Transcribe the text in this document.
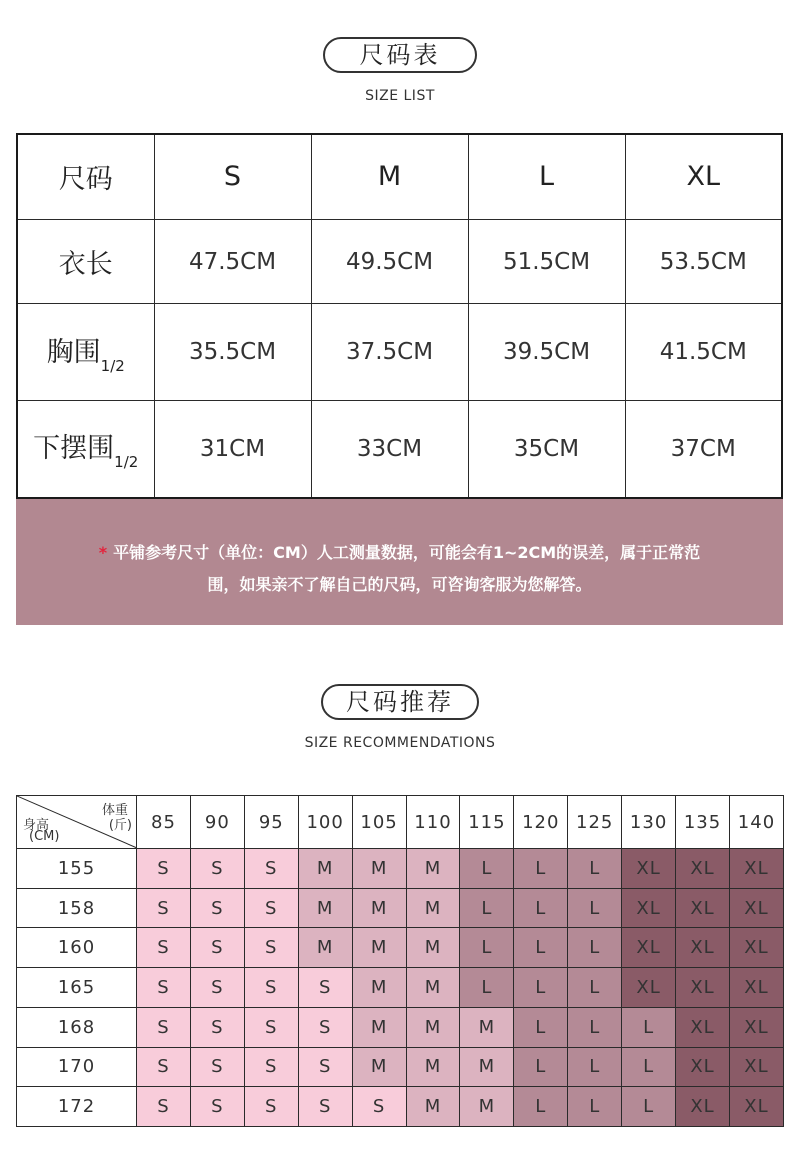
尺码表
SIZE LIST
尺码	S	M	L	XL
衣长	47.5CM	49.5CM	51.5CM	53.5CM
胸围$_{1/2}$	35.5CM	37.5CM	39.5CM	41.5CM
下摆围$_{1/2}$	31CM	33CM	35CM	37CM
* 平铺参考尺寸（单位：CM）人工测量数据，可能会有1~2CM的误差，属于正常范
围，如果亲不了解自己的尺码，可咨询客服为您解答。
尺码推荐
SIZE RECOMMENDATIONS
体重
身高 (斤)
(CM)	85	90	95	100	105	110	115	120	125	130	135	140
155	S	S	S	M	M	M	L	L	L	XL	XL	XL
158	S	S	S	M	M	M	L	L	L	XL	XL	XL
160	S	S	S	M	M	M	L	L	L	XL	XL	XL
165	S	S	S	S	M	M	L	L	L	XL	XL	XL
168	S	S	S	S	M	M	M	L	L	L	XL	XL
170	S	S	S	S	M	M	M	L	L	L	XL	XL
172	S	S	S	S	S	M	M	L	L	L	XL	XL
